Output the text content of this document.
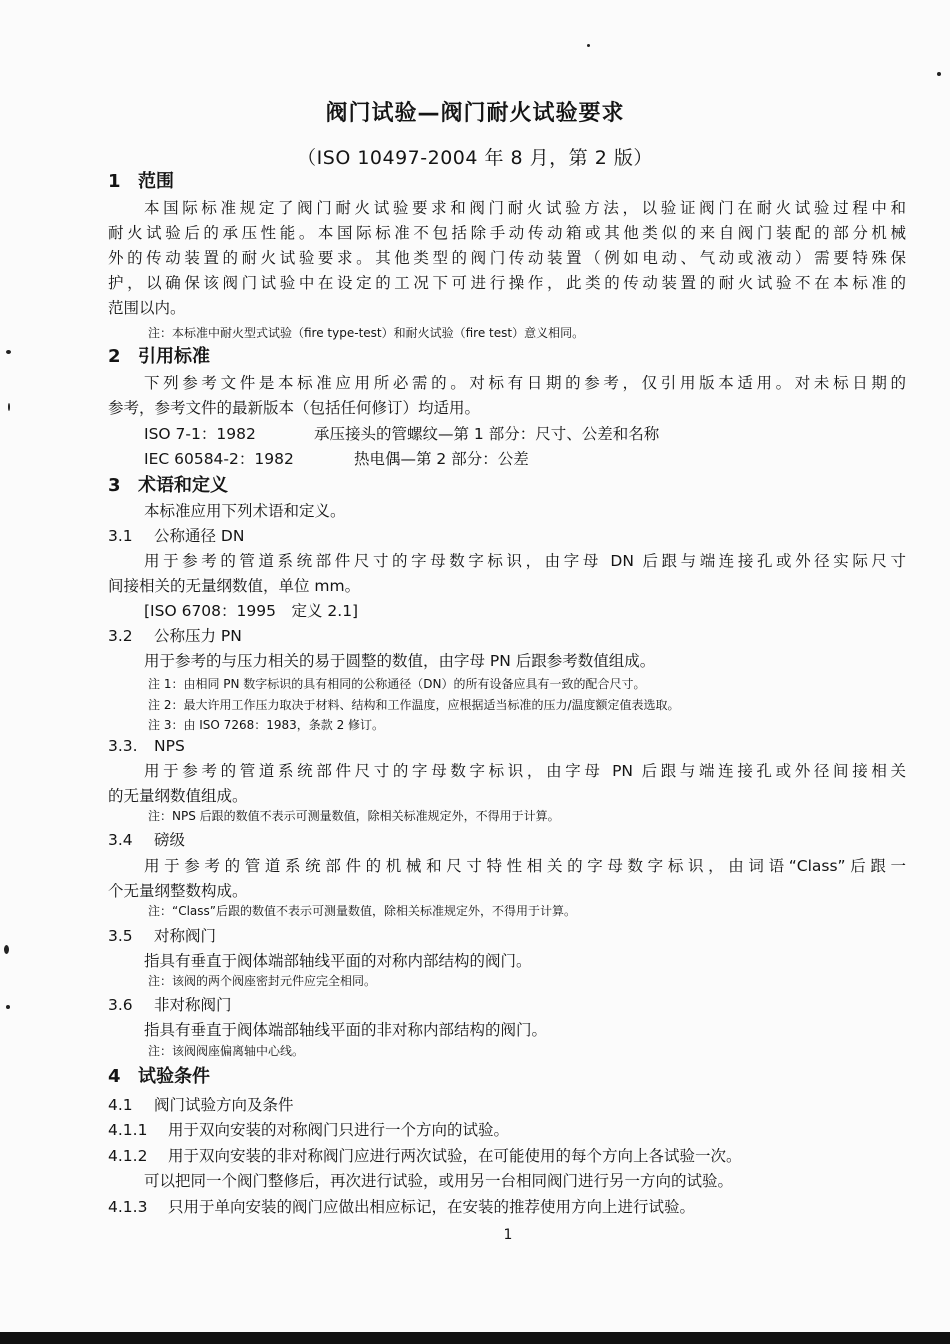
阀门试验—阀门耐火试验要求
（ISO 10497-2004 年 8 月，第 2 版）
1 范围
本国际标准规定了阀门耐火试验要求和阀门耐火试验方法，以验证阀门在耐火试验过程中和
耐火试验后的承压性能。本国际标准不包括除手动传动箱或其他类似的来自阀门装配的部分机械
外的传动装置的耐火试验要求。其他类型的阀门传动装置（例如电动、气动或液动）需要特殊保
护，以确保该阀门试验中在设定的工况下可进行操作，此类的传动装置的耐火试验不在本标准的
范围以内。
注：本标准中耐火型式试验（fire type-test）和耐火试验（fire test）意义相同。
2 引用标准
下列参考文件是本标准应用所必需的。对标有日期的参考，仅引用版本适用。对未标日期的
参考，参考文件的最新版本（包括任何修订）均适用。
ISO 7-1：1982	承压接头的管螺纹—第 1 部分：尺寸、公差和名称
IEC 60584-2：1982	热电偶—第 2 部分：公差
3 术语和定义
本标准应用下列术语和定义。
3.1 公称通径 DN
用于参考的管道系统部件尺寸的字母数字标识，由字母 DN 后跟与端连接孔或外径实际尺寸
间接相关的无量纲数值，单位 mm。
[ISO 6708：1995　定义 2.1]
3.2 公称压力 PN
用于参考的与压力相关的易于圆整的数值，由字母 PN 后跟参考数值组成。
注 1：由相同 PN 数字标识的具有相同的公称通径（DN）的所有设备应具有一致的配合尺寸。
注 2：最大许用工作压力取决于材料、结构和工作温度，应根据适当标准的压力/温度额定值表选取。
注 3：由 ISO 7268：1983，条款 2 修订。
3.3. NPS
用于参考的管道系统部件尺寸的字母数字标识，由字母 PN 后跟与端连接孔或外径间接相关
的无量纲数值组成。
注：NPS 后跟的数值不表示可测量数值，除相关标准规定外，不得用于计算。
3.4 磅级
用于参考的管道系统部件的机械和尺寸特性相关的字母数字标识，由词语“Class”后跟一
个无量纲整数构成。
注：“Class”后跟的数值不表示可测量数值，除相关标准规定外，不得用于计算。
3.5 对称阀门
指具有垂直于阀体端部轴线平面的对称内部结构的阀门。
注：该阀的两个阀座密封元件应完全相同。
3.6 非对称阀门
指具有垂直于阀体端部轴线平面的非对称内部结构的阀门。
注：该阀阀座偏离轴中心线。
4 试验条件
4.1 阀门试验方向及条件
4.1.1 用于双向安装的对称阀门只进行一个方向的试验。
4.1.2 用于双向安装的非对称阀门应进行两次试验，在可能使用的每个方向上各试验一次。
可以把同一个阀门整修后，再次进行试验，或用另一台相同阀门进行另一方向的试验。
4.1.3 只用于单向安装的阀门应做出相应标记，在安装的推荐使用方向上进行试验。
1
